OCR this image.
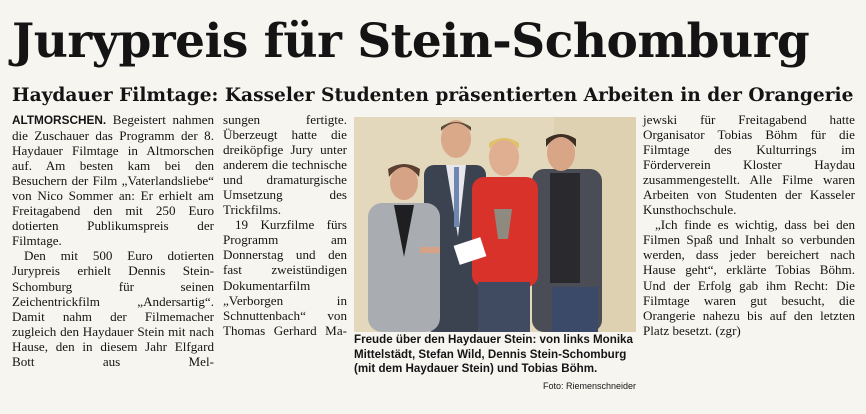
Jurypreis für Stein-Schomburg
Haydauer Filmtage: Kasseler Studenten präsentierten Arbeiten in der Orangerie

ALTMORSCHEN. Begeistert nahmen die Zuschauer das Programm der 8. Haydauer Filmtage in Altmorschen auf. Am besten kam bei den Besuchern der Film „Vaterlandsliebe“ von Nico Sommer an: Er erhielt am Freitagabend den mit 250 Euro dotierten Publikumspreis der Filmtage.

Den mit 500 Euro dotierten Jurypreis erhielt Dennis Stein-Schomburg für seinen Zeichentrickfilm „Andersartig“. Damit nahm der Filmemacher zugleich den Haydauer Stein mit nach Hause, den in diesem Jahr Elfgard Bott aus Mel-

sungen fertigte. Überzeugt hatte die dreiköpfige Jury unter anderem die technische und dramaturgische Umsetzung des Trickfilms.

19 Kurzfilme fürs Programm am Donnerstag und den fast zweistündigen Dokumentarfilm „Verborgen in Schnuttenbach“ von Thomas Gerhard Ma-

Freude über den Haydauer Stein: von links Monika Mittelstädt, Stefan Wild, Dennis Stein-Schomburg (mit dem Haydauer Stein) und Tobias Böhm.
Foto: Riemenschneider

jewski für Freitagabend hatte Organisator Tobias Böhm für die Filmtage des Kulturrings im Förderverein Kloster Haydau zusammengestellt. Alle Filme waren Arbeiten von Studenten der Kasseler Kunsthochschule.

„Ich finde es wichtig, dass bei den Filmen Spaß und Inhalt so verbunden werden, dass jeder bereichert nach Hause geht“, erklärte Tobias Böhm. Und der Erfolg gab ihm Recht: Die Filmtage waren gut besucht, die Orangerie nahezu bis auf den letzten Platz besetzt. (zgr)
